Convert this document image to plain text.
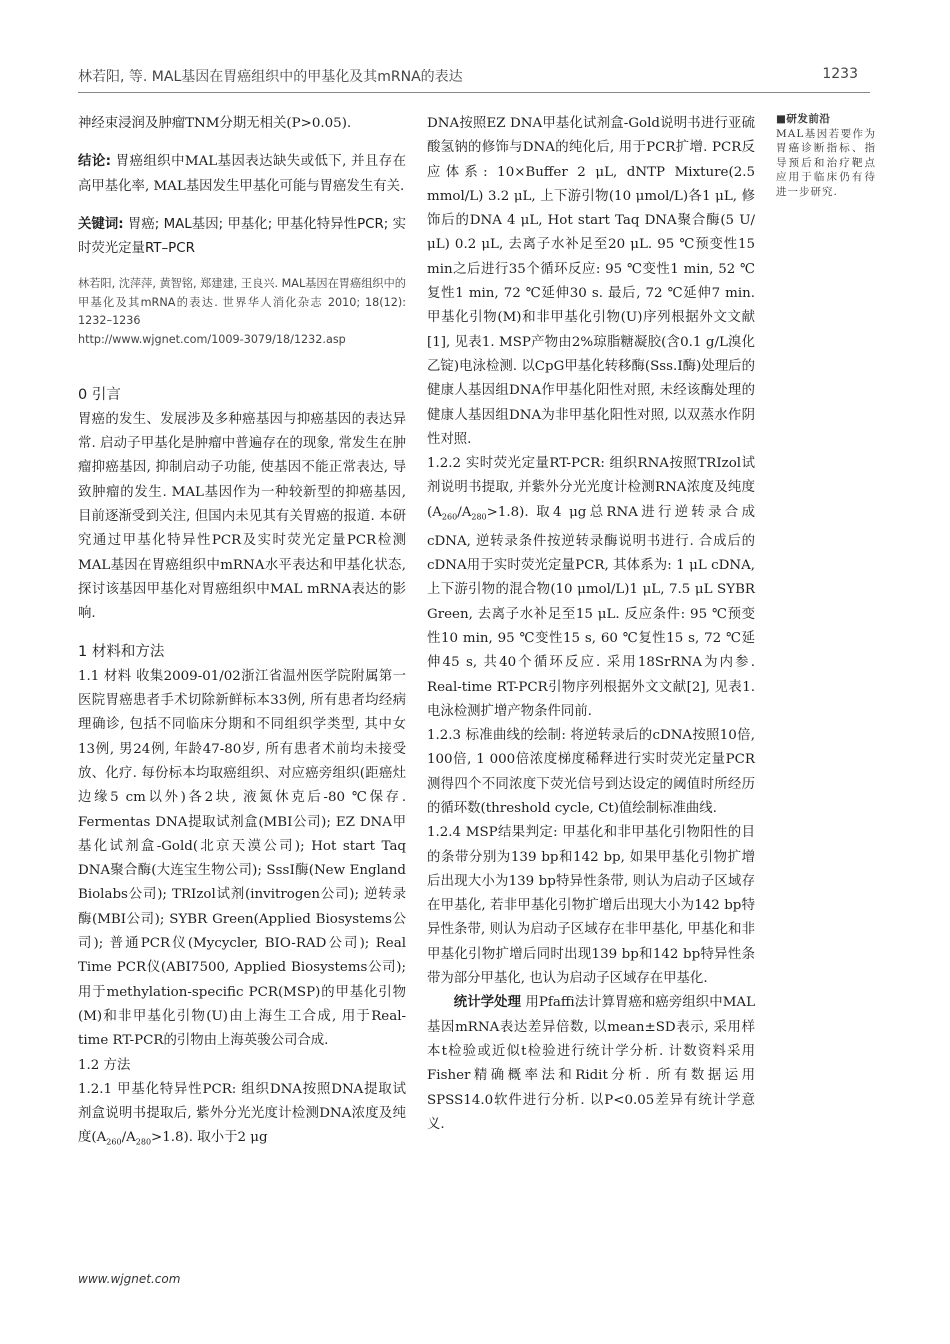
林若阳, 等. MAL基因在胃癌组织中的甲基化及其mRNA的表达	1233

神经束浸润及肿瘤TNM分期无相关(P>0.05).

结论: 胃癌组织中MAL基因表达缺失或低下, 并且存在高甲基化率, MAL基因发生甲基化可能与胃癌发生有关.

关键词: 胃癌; MAL基因; 甲基化; 甲基化特异性PCR; 实时荧光定量RT–PCR

林若阳, 沈萍萍, 黄智铭, 郑建建, 王良兴. MAL基因在胃癌组织中的甲基化及其mRNA的表达. 世界华人消化杂志 2010; 18(12): 1232–1236

http://www.wjgnet.com/1009-3079/18/1232.asp

0 引言

胃癌的发生、发展涉及多种癌基因与抑癌基因的表达异常. 启动子甲基化是肿瘤中普遍存在的现象, 常发生在肿瘤抑癌基因, 抑制启动子功能, 使基因不能正常表达, 导致肿瘤的发生. MAL基因作为一种较新型的抑癌基因, 目前逐渐受到关注, 但国内未见其有关胃癌的报道. 本研究通过甲基化特异性PCR及实时荧光定量PCR检测MAL基因在胃癌组织中mRNA水平表达和甲基化状态, 探讨该基因甲基化对胃癌组织中MAL mRNA表达的影响.

1 材料和方法

1.1 材料 收集2009-01/02浙江省温州医学院附属第一医院胃癌患者手术切除新鲜标本33例, 所有患者均经病理确诊, 包括不同临床分期和不同组织学类型, 其中女13例, 男24例, 年龄47-80岁, 所有患者术前均未接受放、化疗. 每份标本均取癌组织、对应癌旁组织(距癌灶边缘5 cm以外)各2块, 液氮休克后-80 ℃保存. Fermentas DNA提取试剂盒(MBI公司); EZ DNA甲基化试剂盒-Gold(北京天漠公司); Hot start Taq DNA聚合酶(大连宝生物公司); SssⅠ酶(New England Biolabs公司); TRIzol试剂(invitrogen公司); 逆转录酶(MBI公司); SYBR Green(Applied Biosystems公司); 普通PCR仪(Mycycler, BIO-RAD公司); Real Time PCR仪(ABI7500, Applied Biosystems公司); 用于methylation-specific PCR(MSP)的甲基化引物(M)和非甲基化引物(U)由上海生工合成, 用于Real-time RT-PCR的引物由上海英骏公司合成.

1.2 方法

1.2.1 甲基化特异性PCR: 组织DNA按照DNA提取试剂盒说明书提取后, 紫外分光光度计检测DNA浓度及纯度$(A_{260}/A_{280}>1.8)$. 取小于2 μg

DNA按照EZ DNA甲基化试剂盒-Gold说明书进行亚硫酸氢钠的修饰与DNA的纯化后, 用于PCR扩增. PCR反应体系: 10×Buffer 2 μL, dNTP Mixture(2.5 mmol/L) 3.2 μL, 上下游引物(10 μmol/L)各1 μL, 修饰后的DNA 4 μL, Hot start Taq DNA聚合酶(5 U/μL) 0.2 μL, 去离子水补足至20 μL. 95 ℃预变性15 min之后进行35个循环反应: 95 ℃变性1 min, 52 ℃复性1 min, 72 ℃延伸30 s. 最后, 72 ℃延伸7 min. 甲基化引物(M)和非甲基化引物(U)序列根据外文文献[1], 见表1. MSP产物由2%琼脂糖凝胶(含0.1 g/L溴化乙锭)电泳检测. 以CpG甲基化转移酶(Sss.Ⅰ酶)处理后的健康人基因组DNA作甲基化阳性对照, 未经该酶处理的健康人基因组DNA为非甲基化阳性对照, 以双蒸水作阴性对照.

1.2.2 实时荧光定量RT-PCR: 组织RNA按照TRIzol试剂说明书提取, 并紫外分光光度计检测RNA浓度及纯度$(A_{260}/A_{280}>1.8)$. 取4 μg总RNA进行逆转录合成cDNA, 逆转录条件按逆转录酶说明书进行. 合成后的cDNA用于实时荧光定量PCR, 其体系为: 1 μL cDNA,上下游引物的混合物(10 μmol/L)1 μL, 7.5 μL SYBR Green, 去离子水补足至15 μL. 反应条件: 95 ℃预变性10 min, 95 ℃变性15 s, 60 ℃复性15 s, 72 ℃延伸45 s, 共40个循环反应. 采用18SrRNA为内参. Real-time RT-PCR引物序列根据外文文献[2], 见表1. 电泳检测扩增产物条件同前.

1.2.3 标准曲线的绘制: 将逆转录后的cDNA按照10倍, 100倍, 1 000倍浓度梯度稀释进行实时荧光定量PCR测得四个不同浓度下荧光信号到达设定的阈值时所经历的循环数(threshold cycle, Ct)值绘制标准曲线.

1.2.4 MSP结果判定: 甲基化和非甲基化引物阳性的目的条带分别为139 bp和142 bp, 如果甲基化引物扩增后出现大小为139 bp特异性条带, 则认为启动子区域存在甲基化, 若非甲基化引物扩增后出现大小为142 bp特异性条带, 则认为启动子区域存在非甲基化, 甲基化和非甲基化引物扩增后同时出现139 bp和142 bp特异性条带为部分甲基化, 也认为启动子区域存在甲基化.

统计学处理 用Pfaffi法计算胃癌和癌旁组织中MAL基因mRNA表达差异倍数, 以mean±SD表示, 采用样本t检验或近似t检验进行统计学分析. 计数资料采用Fisher精确概率法和Ridit分析. 所有数据运用SPSS14.0软件进行分析. 以P<0.05差异有统计学意义.

■研发前沿

MAL基因若要作为胃癌诊断指标、指导预后和治疗靶点应用于临床仍有待进一步研究.

www.wjgnet.com
